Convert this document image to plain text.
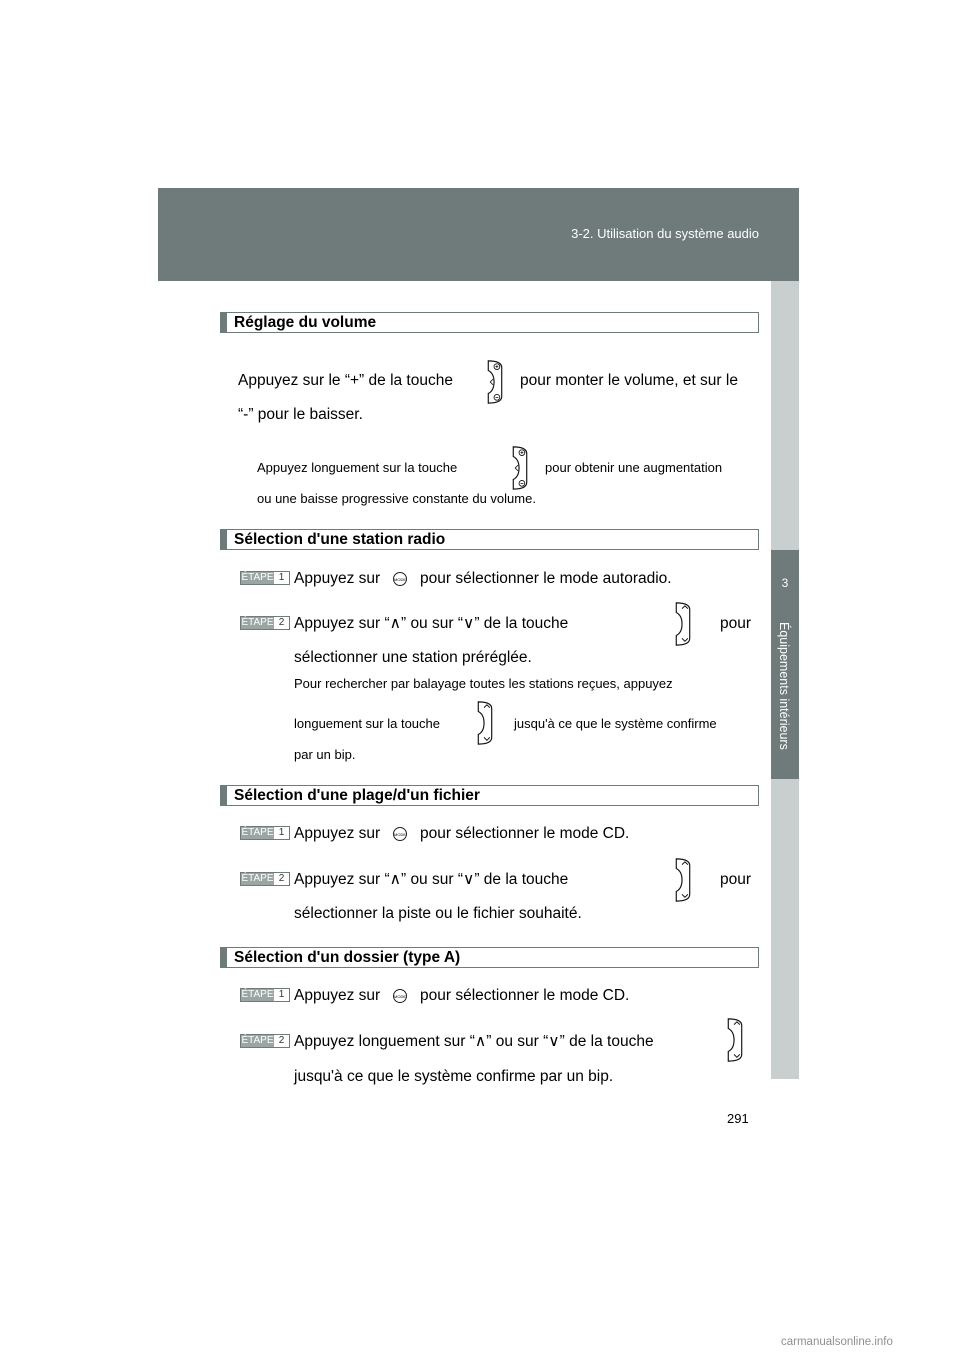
3-2. Utilisation du système audio
3
Équipements intérieurs
Réglage du volume
Appuyez sur le “+” de la touche	pour monter le volume, et sur le
“-” pour le baisser.
Appuyez longuement sur la touche	pour obtenir une augmentation
ou une baisse progressive constante du volume.
Sélection d'une station radio
ÉTAPE 1 Appuyez sur	MODE pour sélectionner le mode autoradio.
ÉTAPE 2 Appuyez sur “∧” ou sur “∨” de la touche	pour
sélectionner une station préréglée.
Pour rechercher par balayage toutes les stations reçues, appuyez
longuement sur la touche	jusqu'à ce que le système confirme
par un bip.
Sélection d'une plage/d'un fichier
ÉTAPE 1 Appuyez sur	MODE pour sélectionner le mode CD.
ÉTAPE 2 Appuyez sur “∧” ou sur “∨” de la touche	pour
sélectionner la piste ou le fichier souhaité.
Sélection d'un dossier (type A)
ÉTAPE 1 Appuyez sur	MODE pour sélectionner le mode CD.
ÉTAPE 2 Appuyez longuement sur “∧” ou sur “∨” de la touche
jusqu'à ce que le système confirme par un bip.
291
carmanualsonline.info
